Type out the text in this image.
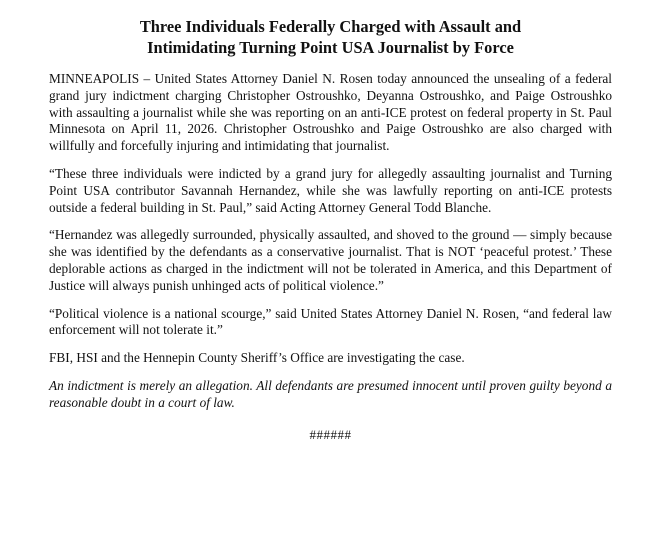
Three Individuals Federally Charged with Assault and
Intimidating Turning Point USA Journalist by Force

MINNEAPOLIS – United States Attorney Daniel N. Rosen today announced the unsealing of a federal grand jury indictment charging Christopher Ostroushko, Deyanna Ostroushko, and Paige Ostroushko with assaulting a journalist while she was reporting on an anti-ICE protest on federal property in St. Paul Minnesota on April 11, 2026. Christopher Ostroushko and Paige Ostroushko are also charged with willfully and forcefully injuring and intimidating that journalist.

“These three individuals were indicted by a grand jury for allegedly assaulting journalist and Turning Point USA contributor Savannah Hernandez, while she was lawfully reporting on anti-ICE protests outside a federal building in St. Paul,” said Acting Attorney General Todd Blanche.

“Hernandez was allegedly surrounded, physically assaulted, and shoved to the ground — simply because she was identified by the defendants as a conservative journalist. That is NOT ‘peaceful protest.’ These deplorable actions as charged in the indictment will not be tolerated in America, and this Department of Justice will always punish unhinged acts of political violence.”

“Political violence is a national scourge,” said United States Attorney Daniel N. Rosen, “and federal law enforcement will not tolerate it.”

FBI, HSI and the Hennepin County Sheriff’s Office are investigating the case.

An indictment is merely an allegation. All defendants are presumed innocent until proven guilty beyond a reasonable doubt in a court of law.

######
